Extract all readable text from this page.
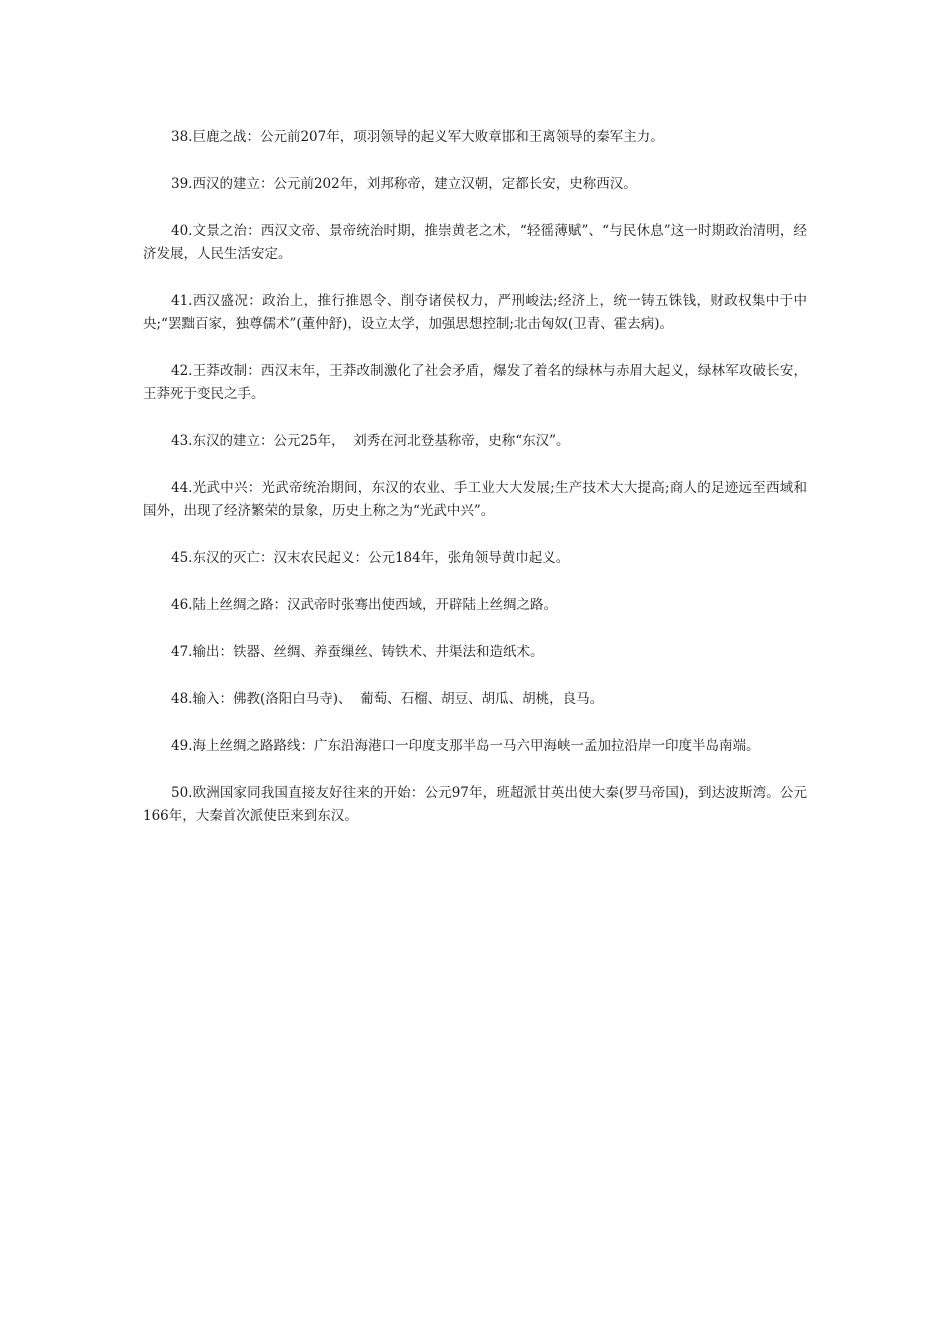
38.巨鹿之战：公元前207年，项羽领导的起义军大败章邯和王离领导的秦军主力。

39.西汉的建立：公元前202年，刘邦称帝，建立汉朝，定都长安，史称西汉。

40.文景之治：西汉文帝、景帝统治时期，推崇黄老之术，“轻徭薄赋”、“与民休息”这一时期政治清明，经济发展，人民生活安定。

41.西汉盛况：政治上，推行推恩令、削夺诸侯权力，严刑峻法;经济上，统一铸五铢钱，财政权集中于中央;“罢黜百家，独尊儒术”(董仲舒)，设立太学，加强思想控制;北击匈奴(卫青、霍去病)。

42.王莽改制：西汉末年，王莽改制激化了社会矛盾，爆发了着名的绿林与赤眉大起义，绿林军攻破长安，王莽死于变民之手。

43.东汉的建立：公元25年，  刘秀在河北登基称帝，史称“东汉”。

44.光武中兴：光武帝统治期间，东汉的农业、手工业大大发展;生产技术大大提高;商人的足迹远至西域和国外，出现了经济繁荣的景象，历史上称之为“光武中兴”。

45.东汉的灭亡：汉末农民起义：公元184年，张角领导黄巾起义。

46.陆上丝绸之路：汉武帝时张骞出使西域，开辟陆上丝绸之路。

47.输出：铁器、丝绸、养蚕缫丝、铸铁术、井渠法和造纸术。

48.输入：佛教(洛阳白马寺)、  葡萄、石榴、胡豆、胡瓜、胡桃，良马。

49.海上丝绸之路路线：广东沿海港口一印度支那半岛一马六甲海峡一孟加拉沿岸一印度半岛南端。

50.欧洲国家同我国直接友好往来的开始：公元97年，班超派甘英出使大秦(罗马帝国)，到达波斯湾。公元166年，大秦首次派使臣来到东汉。
